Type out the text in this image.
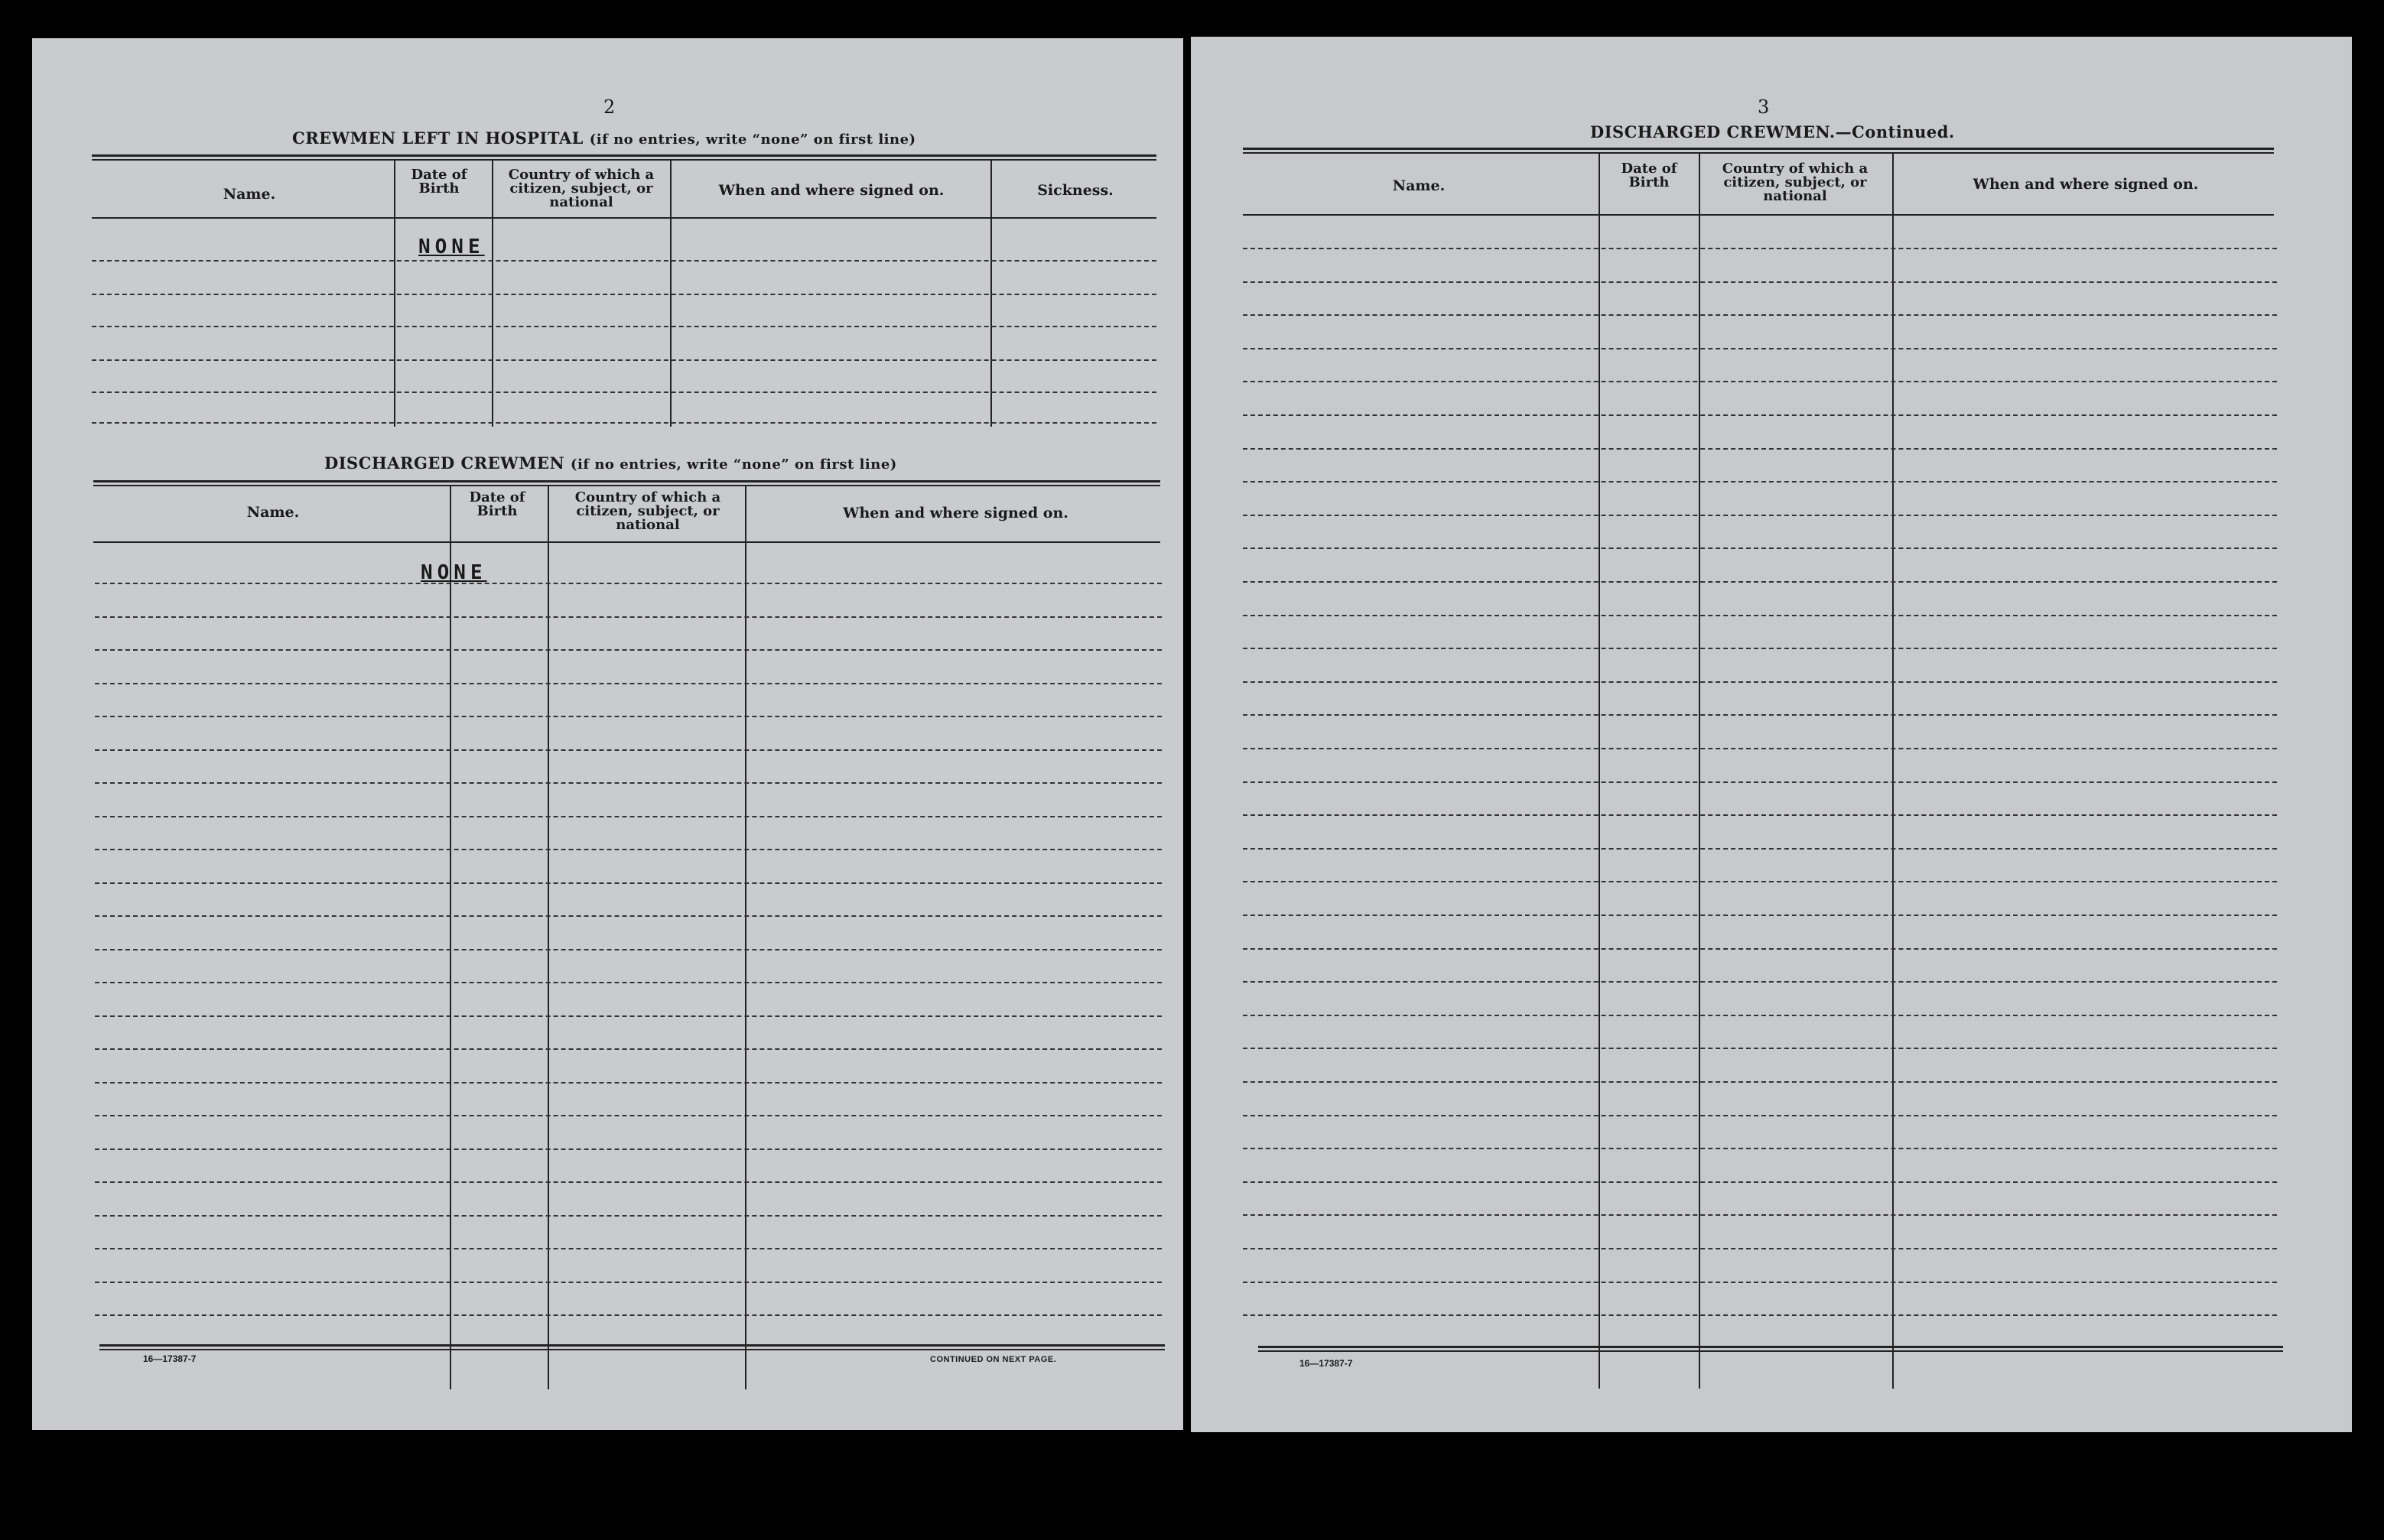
2
CREWMEN LEFT IN HOSPITAL (if no entries, write “none” on first line)
Name.
Date of Birth
Country of which a citizen, subject, or national
When and where signed on.	Sickness.
NONE
DISCHARGED CREWMEN (if no entries, write “none” on first line)
Name.
Date of Birth
Country of which a citizen, subject, or national
When and where signed on.
NONE
16—17387-7	CONTINUED ON NEXT PAGE.
3
DISCHARGED CREWMEN.—Continued.
Name.
Date of Birth
Country of which a citizen, subject, or national
When and where signed on.
16—17387-7
